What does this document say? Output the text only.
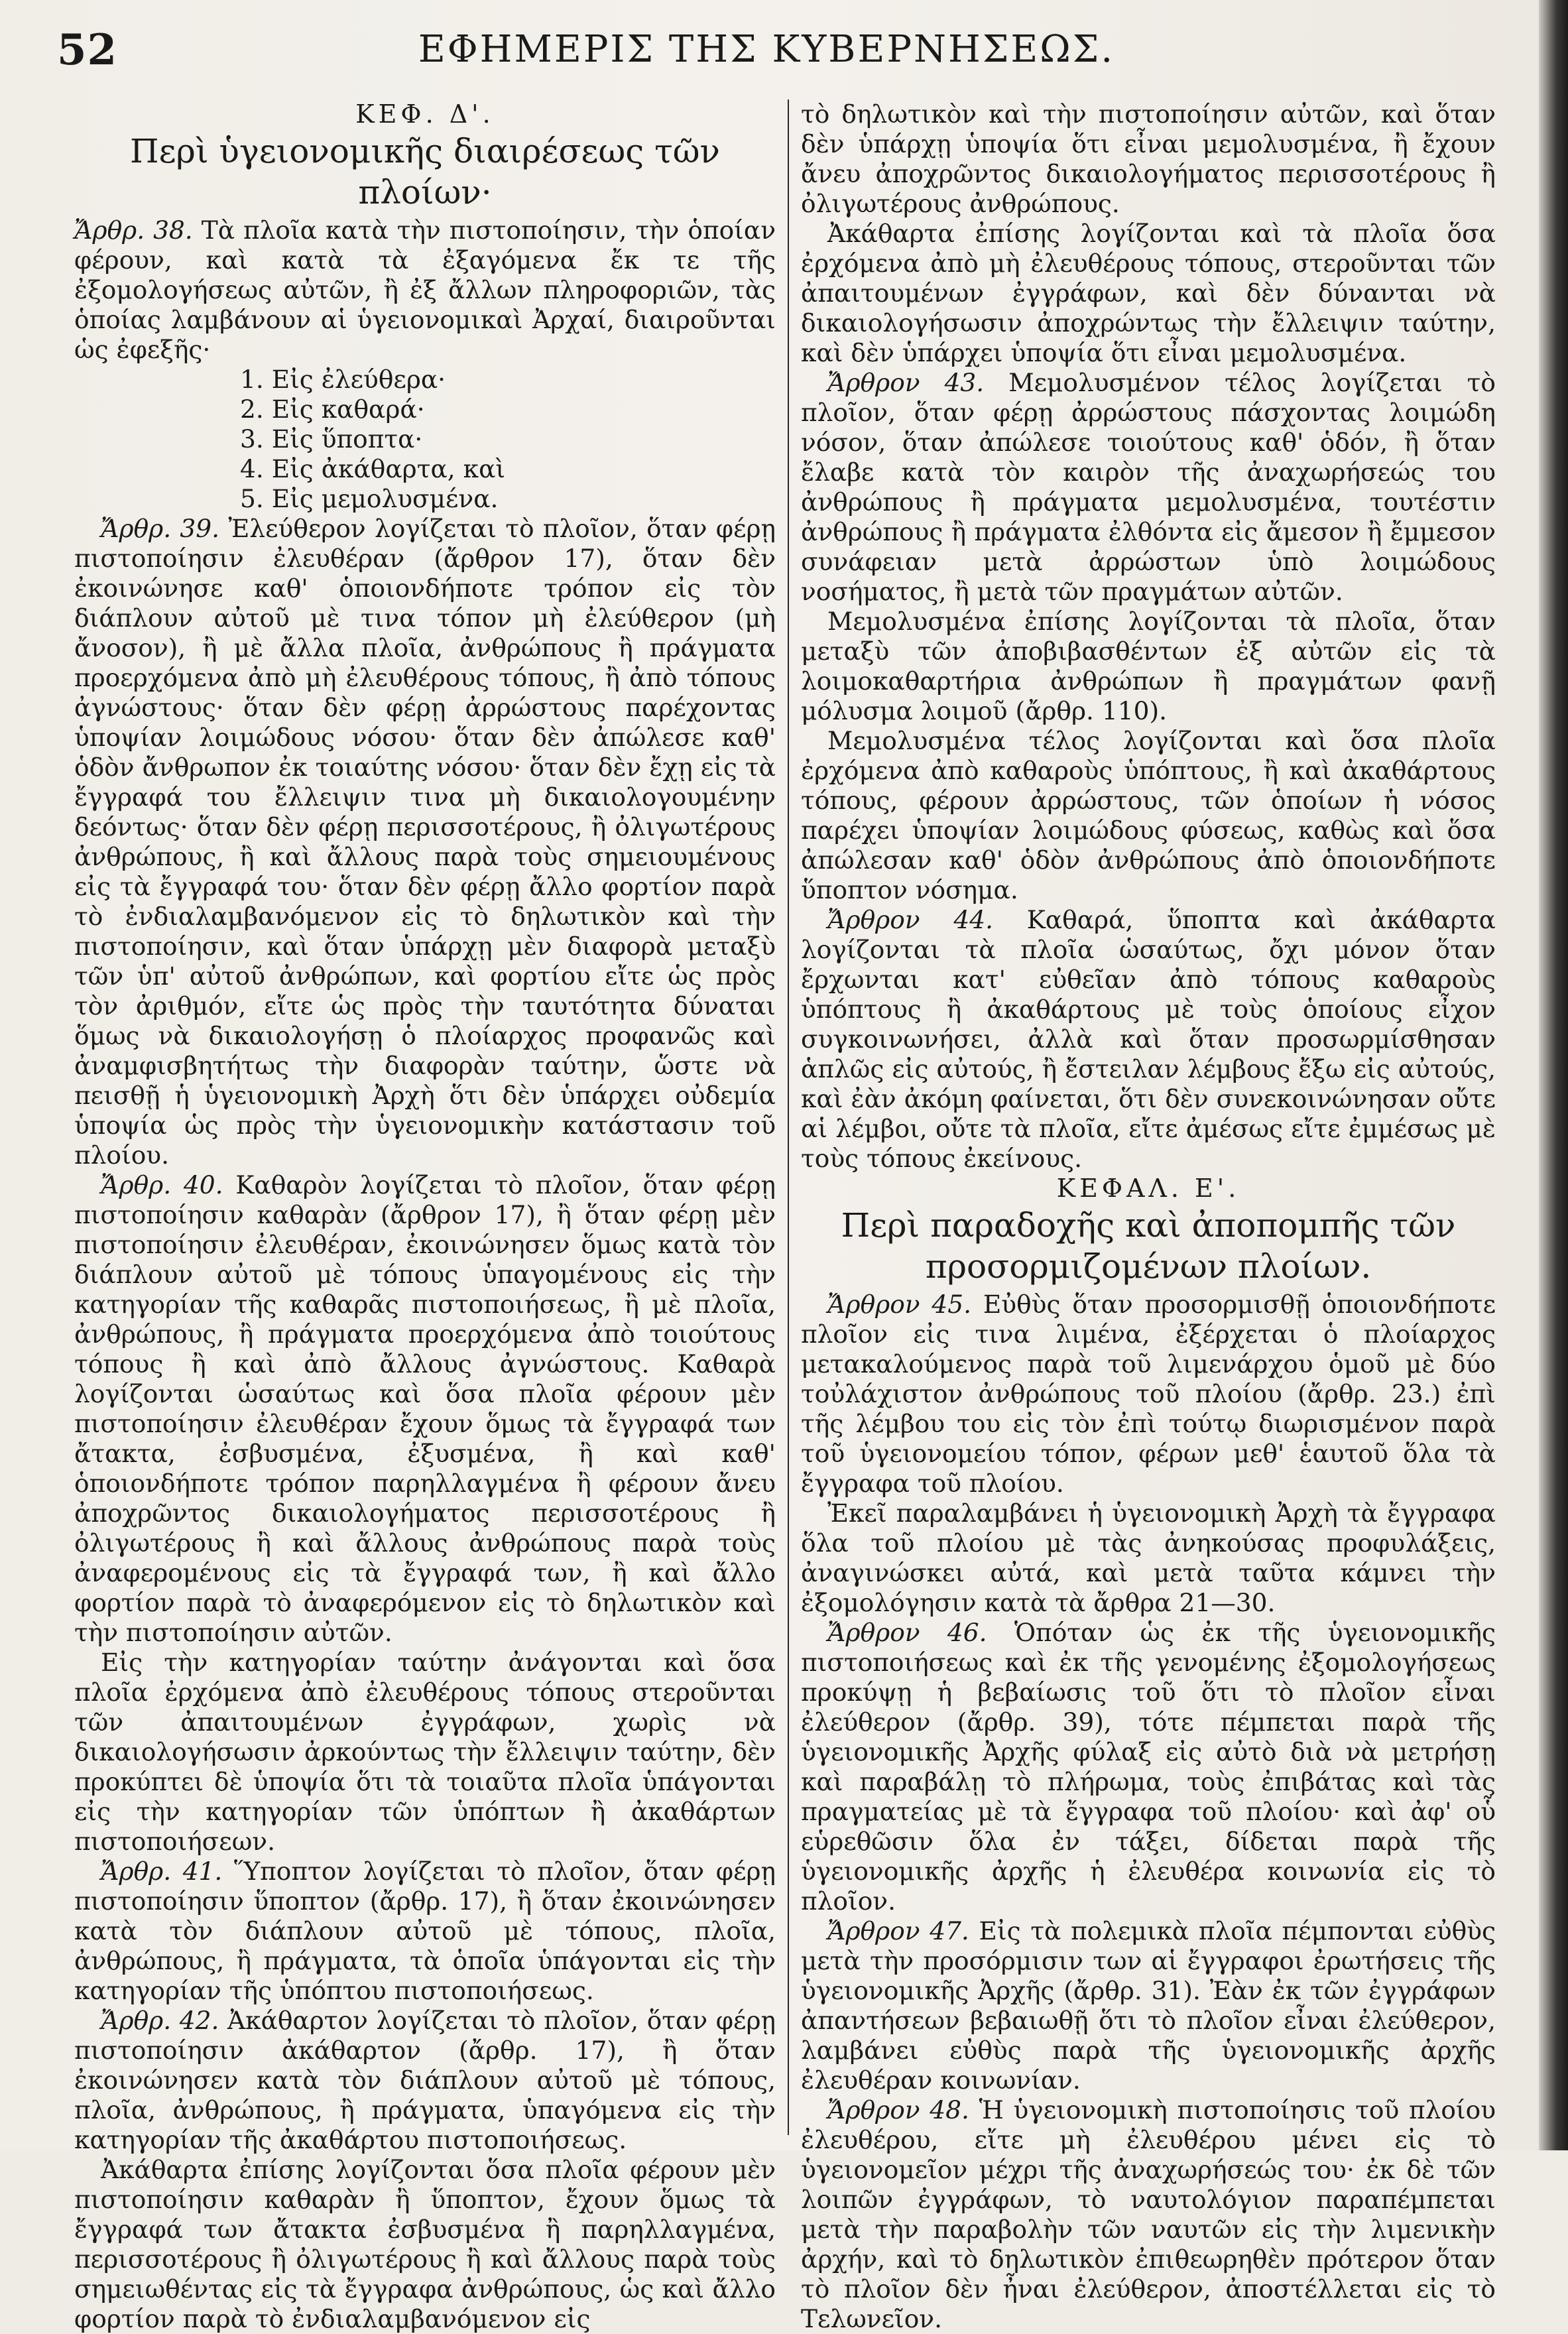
52	ΕΦΗΜΕΡΙΣ ΤΗΣ ΚΥΒΕΡΝΗΣΕΩΣ.
ΚΕΦ. Δ'.
Περὶ ὑγειονομικῆς διαιρέσεως τῶν πλοίων·

Ἄρθρ. 38. Τὰ πλοῖα κατὰ τὴν πιστοποίησιν, τὴν ὁποίαν φέρουν, καὶ κατὰ τὰ ἐξαγόμενα ἔκ τε τῆς ἐξομολογήσεως αὐτῶν, ἢ ἐξ ἄλλων πληροφοριῶν, τὰς ὁποίας λαμβάνουν αἱ ὑγειονομικαὶ Ἀρχαί, διαιροῦνται ὡς ἐφεξῆς·

1. Εἰς ἐλεύθερα·

2. Εἰς καθαρά·

3. Εἰς ὕποπτα·

4. Εἰς ἀκάθαρτα, καὶ

5. Εἰς μεμολυσμένα.

Ἄρθρ. 39. Ἐλεύθερον λογίζεται τὸ πλοῖον, ὅταν φέρῃ πιστοποίησιν ἐλευθέραν (ἄρθρον 17), ὅταν δὲν ἐκοινώνησε καθ' ὁποιονδήποτε τρόπον εἰς τὸν διάπλουν αὐτοῦ μὲ τινα τόπον μὴ ἐλεύθερον (μὴ ἄνοσον), ἢ μὲ ἄλλα πλοῖα, ἀνθρώπους ἢ πράγματα προερχόμενα ἀπὸ μὴ ἐλευθέρους τόπους, ἢ ἀπὸ τόπους ἀγνώστους· ὅταν δὲν φέρῃ ἀρρώστους παρέχοντας ὑποψίαν λοιμώδους νόσου· ὅταν δὲν ἀπώλεσε καθ' ὁδὸν ἄνθρωπον ἐκ τοιαύτης νόσου· ὅταν δὲν ἔχῃ εἰς τὰ ἔγγραφά του ἔλλειψιν τινα μὴ δικαιολογουμένην δεόντως· ὅταν δὲν φέρῃ περισσοτέρους, ἢ ὀλιγωτέρους ἀνθρώπους, ἢ καὶ ἄλλους παρὰ τοὺς σημειουμένους εἰς τὰ ἔγγραφά του· ὅταν δὲν φέρῃ ἄλλο φορτίον παρὰ τὸ ἐνδιαλαμβανόμενον εἰς τὸ δηλωτικὸν καὶ τὴν πιστοποίησιν, καὶ ὅταν ὑπάρχῃ μὲν διαφορὰ μεταξὺ τῶν ὑπ' αὐτοῦ ἀνθρώπων, καὶ φορτίου εἴτε ὡς πρὸς τὸν ἀριθμόν, εἴτε ὡς πρὸς τὴν ταυτότητα δύναται ὅμως νὰ δικαιολογήσῃ ὁ πλοίαρχος προφανῶς καὶ ἀναμφισβητήτως τὴν διαφορὰν ταύτην, ὥστε νὰ πεισθῇ ἡ ὑγειονομικὴ Ἀρχὴ ὅτι δὲν ὑπάρχει οὐδεμία ὑποψία ὡς πρὸς τὴν ὑγειονομικὴν κατάστασιν τοῦ πλοίου.

Ἄρθρ. 40. Καθαρὸν λογίζεται τὸ πλοῖον, ὅταν φέρῃ πιστοποίησιν καθαρὰν (ἄρθρον 17), ἢ ὅταν φέρῃ μὲν πιστοποίησιν ἐλευθέραν, ἐκοινώνησεν ὅμως κατὰ τὸν διάπλουν αὐτοῦ μὲ τόπους ὑπαγομένους εἰς τὴν κατηγορίαν τῆς καθαρᾶς πιστοποιήσεως, ἢ μὲ πλοῖα, ἀνθρώπους, ἢ πράγματα προερχόμενα ἀπὸ τοιούτους τόπους ἢ καὶ ἀπὸ ἄλλους ἀγνώστους. Καθαρὰ λογίζονται ὡσαύτως καὶ ὅσα πλοῖα φέρουν μὲν πιστοποίησιν ἐλευθέραν ἔχουν ὅμως τὰ ἔγγραφά των ἄτακτα, ἐσβυσμένα, ἐξυσμένα, ἢ καὶ καθ' ὁποιονδήποτε τρόπον παρηλλαγμένα ἢ φέρουν ἄνευ ἀποχρῶντος δικαιολογήματος περισσοτέρους ἢ ὀλιγωτέρους ἢ καὶ ἄλλους ἀνθρώπους παρὰ τοὺς ἀναφερομένους εἰς τὰ ἔγγραφά των, ἢ καὶ ἄλλο φορτίον παρὰ τὸ ἀναφερόμενον εἰς τὸ δηλωτικὸν καὶ τὴν πιστοποίησιν αὐτῶν.

Εἰς τὴν κατηγορίαν ταύτην ἀνάγονται καὶ ὅσα πλοῖα ἐρχόμενα ἀπὸ ἐλευθέρους τόπους στεροῦνται τῶν ἀπαιτουμένων ἐγγράφων, χωρὶς νὰ δικαιολογήσωσιν ἀρκούντως τὴν ἔλλειψιν ταύτην, δὲν προκύπτει δὲ ὑποψία ὅτι τὰ τοιαῦτα πλοῖα ὑπάγονται εἰς τὴν κατηγορίαν τῶν ὑπόπτων ἢ ἀκαθάρτων πιστοποιήσεων.

Ἄρθρ. 41. Ὕποπτον λογίζεται τὸ πλοῖον, ὅταν φέρῃ πιστοποίησιν ὕποπτον (ἄρθρ. 17), ἢ ὅταν ἐκοινώνησεν κατὰ τὸν διάπλουν αὐτοῦ μὲ τόπους, πλοῖα, ἀνθρώπους, ἢ πράγματα, τὰ ὁποῖα ὑπάγονται εἰς τὴν κατηγορίαν τῆς ὑπόπτου πιστοποιήσεως.

Ἄρθρ. 42. Ἀκάθαρτον λογίζεται τὸ πλοῖον, ὅταν φέρῃ πιστοποίησιν ἀκάθαρτον (ἄρθρ. 17), ἢ ὅταν ἐκοινώνησεν κατὰ τὸν διάπλουν αὐτοῦ μὲ τόπους, πλοῖα, ἀνθρώπους, ἢ πράγματα, ὑπαγόμενα εἰς τὴν κατηγορίαν τῆς ἀκαθάρτου πιστοποιήσεως.

Ἀκάθαρτα ἐπίσης λογίζονται ὅσα πλοῖα φέρουν μὲν πιστοποίησιν καθαρὰν ἢ ὕποπτον, ἔχουν ὅμως τὰ ἔγγραφά των ἄτακτα ἐσβυσμένα ἢ παρηλλαγμένα, περισσοτέρους ἢ ὀλιγωτέρους ἢ καὶ ἄλλους παρὰ τοὺς σημειωθέντας εἰς τὰ ἔγγραφα ἀνθρώπους, ὡς καὶ ἄλλο φορτίον παρὰ τὸ ἐνδιαλαμβανόμενον εἰς

τὸ δηλωτικὸν καὶ τὴν πιστοποίησιν αὐτῶν, καὶ ὅταν δὲν ὑπάρχῃ ὑποψία ὅτι εἶναι μεμολυσμένα, ἢ ἔχουν ἄνευ ἀποχρῶντος δικαιολογήματος περισσοτέρους ἢ ὀλιγωτέρους ἀνθρώπους.

Ἀκάθαρτα ἐπίσης λογίζονται καὶ τὰ πλοῖα ὅσα ἐρχόμενα ἀπὸ μὴ ἐλευθέρους τόπους, στεροῦνται τῶν ἀπαιτουμένων ἐγγράφων, καὶ δὲν δύνανται νὰ δικαιολογήσωσιν ἀποχρώντως τὴν ἔλλειψιν ταύτην, καὶ δὲν ὑπάρχει ὑποψία ὅτι εἶναι μεμολυσμένα.

Ἄρθρον 43. Μεμολυσμένον τέλος λογίζεται τὸ πλοῖον, ὅταν φέρῃ ἀρρώστους πάσχοντας λοιμώδη νόσον, ὅταν ἀπώλεσε τοιούτους καθ' ὁδόν, ἢ ὅταν ἔλαβε κατὰ τὸν καιρὸν τῆς ἀναχωρήσεώς του ἀνθρώπους ἢ πράγματα μεμολυσμένα, τουτέστιν ἀνθρώπους ἢ πράγματα ἐλθόντα εἰς ἄμεσον ἢ ἔμμεσον συνάφειαν μετὰ ἀρρώστων ὑπὸ λοιμώδους νοσήματος, ἢ μετὰ τῶν πραγμάτων αὐτῶν.

Μεμολυσμένα ἐπίσης λογίζονται τὰ πλοῖα, ὅταν μεταξὺ τῶν ἀποβιβασθέντων ἐξ αὐτῶν εἰς τὰ λοιμοκαθαρτήρια ἀνθρώπων ἢ πραγμάτων φανῇ μόλυσμα λοιμοῦ (ἄρθρ. 110).

Μεμολυσμένα τέλος λογίζονται καὶ ὅσα πλοῖα ἐρχόμενα ἀπὸ καθαροὺς ὑπόπτους, ἢ καὶ ἀκαθάρτους τόπους, φέρουν ἀρρώστους, τῶν ὁποίων ἡ νόσος παρέχει ὑποψίαν λοιμώδους φύσεως, καθὼς καὶ ὅσα ἀπώλεσαν καθ' ὁδὸν ἀνθρώπους ἀπὸ ὁποιονδήποτε ὕποπτον νόσημα.

Ἄρθρον 44. Καθαρά, ὕποπτα καὶ ἀκάθαρτα λογίζονται τὰ πλοῖα ὡσαύτως, ὄχι μόνον ὅταν ἔρχωνται κατ' εὐθεῖαν ἀπὸ τόπους καθαροὺς ὑπόπτους ἢ ἀκαθάρτους μὲ τοὺς ὁποίους εἶχον συγκοινωνήσει, ἀλλὰ καὶ ὅταν προσωρμίσθησαν ἁπλῶς εἰς αὐτούς, ἢ ἔστειλαν λέμβους ἔξω εἰς αὐτούς, καὶ ἐὰν ἀκόμη φαίνεται, ὅτι δὲν συνεκοινώνησαν οὔτε αἱ λέμβοι, οὔτε τὰ πλοῖα, εἴτε ἀμέσως εἴτε ἐμμέσως μὲ τοὺς τόπους ἐκείνους.

ΚΕΦΑΛ. Ε'.
Περὶ παραδοχῆς καὶ ἀποπομπῆς τῶν προσορμιζομένων πλοίων.

Ἄρθρον 45. Εὐθὺς ὅταν προσορμισθῇ ὁποιονδήποτε πλοῖον εἰς τινα λιμένα, ἐξέρχεται ὁ πλοίαρχος μετακαλούμενος παρὰ τοῦ λιμενάρχου ὁμοῦ μὲ δύο τοὐλάχιστον ἀνθρώπους τοῦ πλοίου (ἄρθρ. 23.) ἐπὶ τῆς λέμβου του εἰς τὸν ἐπὶ τούτῳ διωρισμένον παρὰ τοῦ ὑγειονομείου τόπον, φέρων μεθ' ἑαυτοῦ ὅλα τὰ ἔγγραφα τοῦ πλοίου.

Ἐκεῖ παραλαμβάνει ἡ ὑγειονομικὴ Ἀρχὴ τὰ ἔγγραφα ὅλα τοῦ πλοίου μὲ τὰς ἀνηκούσας προφυλάξεις, ἀναγινώσκει αὐτά, καὶ μετὰ ταῦτα κάμνει τὴν ἐξομολόγησιν κατὰ τὰ ἄρθρα 21—30.

Ἄρθρον 46. Ὁπόταν ὡς ἐκ τῆς ὑγειονομικῆς πιστοποιήσεως καὶ ἐκ τῆς γενομένης ἐξομολογήσεως προκύψῃ ἡ βεβαίωσις τοῦ ὅτι τὸ πλοῖον εἶναι ἐλεύθερον (ἄρθρ. 39), τότε πέμπεται παρὰ τῆς ὑγειονομικῆς Ἀρχῆς φύλαξ εἰς αὐτὸ διὰ νὰ μετρήσῃ καὶ παραβάλῃ τὸ πλήρωμα, τοὺς ἐπιβάτας καὶ τὰς πραγματείας μὲ τὰ ἔγγραφα τοῦ πλοίου· καὶ ἀφ' οὗ εὑρεθῶσιν ὅλα ἐν τάξει, δίδεται παρὰ τῆς ὑγειονομικῆς ἀρχῆς ἡ ἐλευθέρα κοινωνία εἰς τὸ πλοῖον.

Ἄρθρον 47. Εἰς τὰ πολεμικὰ πλοῖα πέμπονται εὐθὺς μετὰ τὴν προσόρμισιν των αἱ ἔγγραφοι ἐρωτήσεις τῆς ὑγειονομικῆς Ἀρχῆς (ἄρθρ. 31). Ἐὰν ἐκ τῶν ἐγγράφων ἀπαντήσεων βεβαιωθῇ ὅτι τὸ πλοῖον εἶναι ἐλεύθερον, λαμβάνει εὐθὺς παρὰ τῆς ὑγειονομικῆς ἀρχῆς ἐλευθέραν κοινωνίαν.

Ἄρθρον 48. Ἡ ὑγειονομικὴ πιστοποίησις τοῦ πλοίου ἐλευθέρου, εἴτε μὴ ἐλευθέρου μένει εἰς τὸ ὑγειονομεῖον μέχρι τῆς ἀναχωρήσεώς του· ἐκ δὲ τῶν λοιπῶν ἐγγράφων, τὸ ναυτολόγιον παραπέμπεται μετὰ τὴν παραβολὴν τῶν ναυτῶν εἰς τὴν λιμενικὴν ἀρχήν, καὶ τὸ δηλωτικὸν ἐπιθεωρηθὲν πρότερον ὅταν τὸ πλοῖον δὲν ἦναι ἐλεύθερον, ἀποστέλλεται εἰς τὸ Τελωνεῖον.
